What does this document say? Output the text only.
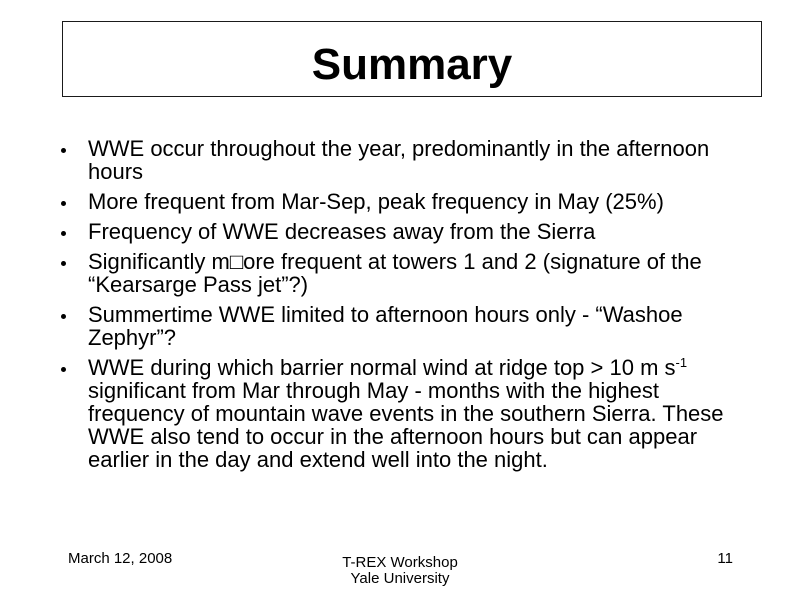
Summary
WWE occur throughout the year, predominantly in the afternoon hours
More frequent from Mar-Sep, peak frequency in May (25%)
Frequency of WWE decreases away from the Sierra
Significantly m□ore frequent at towers 1 and 2 (signature of the “Kearsarge Pass jet”?)
Summertime WWE limited to afternoon hours only - “Washoe Zephyr”?
WWE during which barrier normal wind at ridge top > 10 m $s^{-1}$ significant from Mar through May - months with the highest frequency of mountain wave events in the southern Sierra. These WWE also tend to occur in the afternoon hours but can appear earlier in the day and extend well into the night.
March 12, 2008	T-REX Workshop
Yale University
11
